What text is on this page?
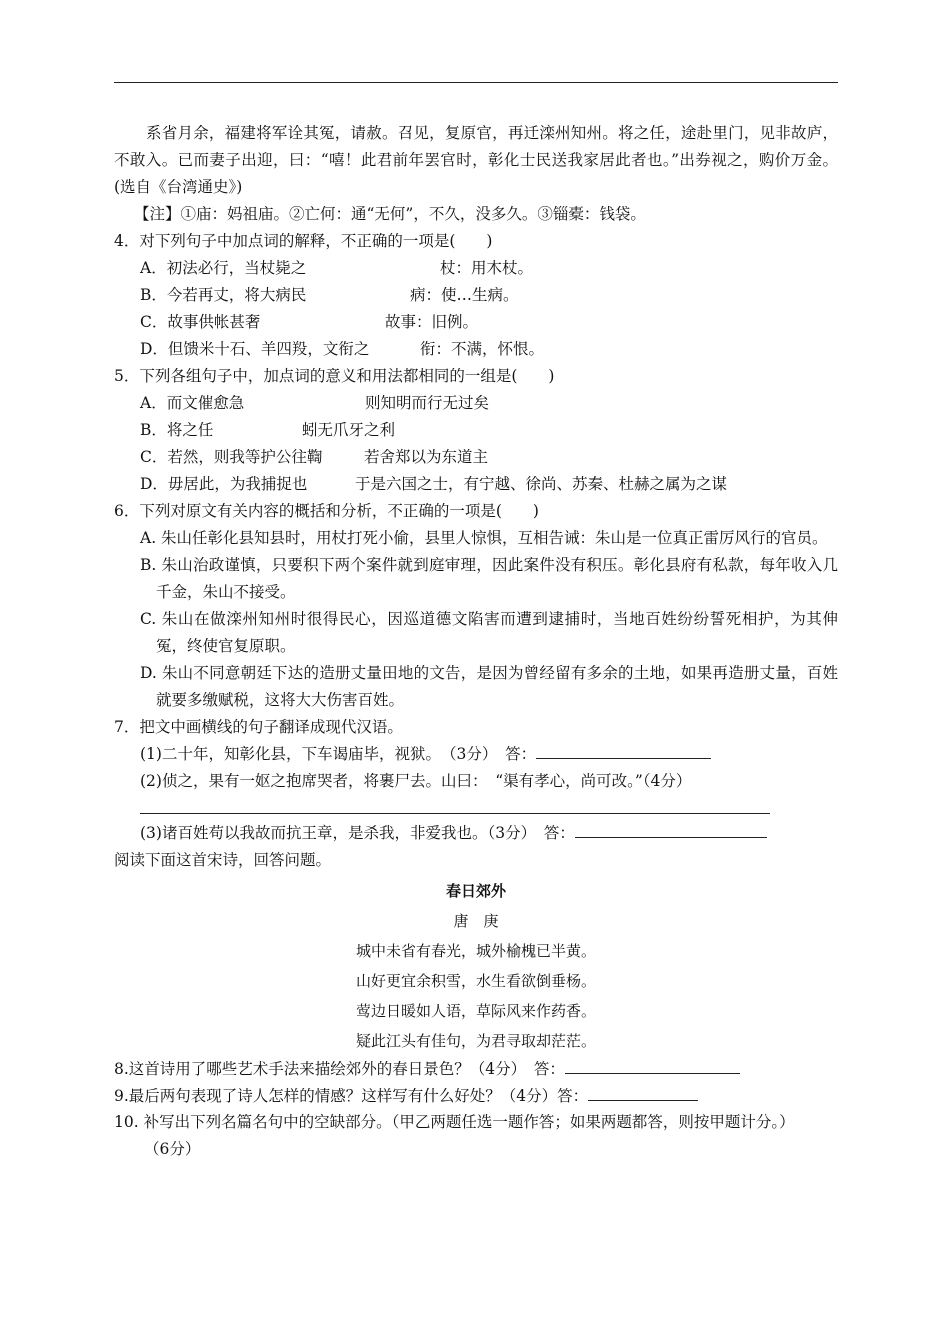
系省月余，福建将军诠其冤，请赦。召见，复原官，再迁滦州知州。将之任，途赴里门，见非故庐，不敢入。已而妻子出迎，曰：“嘻！此君前年罢官时，彰化士民送我家居此者也。”出券视之，购价万金。(选自《台湾通史》)

【注】①庙：妈祖庙。②亡何：通“无何”，不久，没多久。③锱橐：钱袋。

4．对下列句子中加点词的解释，不正确的一项是(　　)

A．初法必行，当杖毙之	杖：用木杖。
B．今若再丈，将大病民	病：使…生病。
C．故事供帐甚奢	故事：旧例。
D．但馈米十石、羊四羖，文衔之	衔：不满，怀恨。

5．下列各组句子中，加点词的意义和用法都相同的一组是(　　)

A．而文催愈急	则知明而行无过矣
B．将之任	蚓无爪牙之利
C．若然，则我等护公往鞫	若舍郑以为东道主
D．毋居此，为我捕捉也	于是六国之士，有宁越、徐尚、苏秦、杜赫之属为之谋

6．下列对原文有关内容的概括和分析，不正确的一项是(　　)

A. 朱山任彰化县知县时，用杖打死小偷，县里人惊惧，互相告诫：朱山是一位真正雷厉风行的官员。

B. 朱山治政谨慎，只要积下两个案件就到庭审理，因此案件没有积压。彰化县府有私款，每年收入几千金，朱山不接受。

C. 朱山在做滦州知州时很得民心，因巡道德文陷害而遭到逮捕时，当地百姓纷纷誓死相护，为其伸冤，终使官复原职。

D. 朱山不同意朝廷下达的造册丈量田地的文告，是因为曾经留有多余的土地，如果再造册丈量，百姓就要多缴赋税，这将大大伤害百姓。

7．把文中画横线的句子翻译成现代汉语。

(1)二十年，知彰化县，下车谒庙毕，视狱。　（3分）　答：

(2)侦之，果有一妪之抱席哭者，将裹尸去。山曰：　“渠有孝心，尚可改。”（4分）

(3)诸百姓苟以我故而抗王章，是杀我，非爱我也。（3分）　答：

阅读下面这首宋诗，回答问题。

春日郊外
唐　庚
城中未省有春光，城外榆槐已半黄。
山好更宜余积雪，水生看欲倒垂杨。
莺边日暖如人语，草际风来作药香。
疑此江头有佳句，为君寻取却茫茫。

8.这首诗用了哪些艺术手法来描绘郊外的春日景色？（4分）　答：

9.最后两句表现了诗人怎样的情感？这样写有什么好处？（4分）答：

10. 补写出下列名篇名句中的空缺部分。（甲乙两题任选一题作答；如果两题都答，则按甲题计分。）

（6分）
